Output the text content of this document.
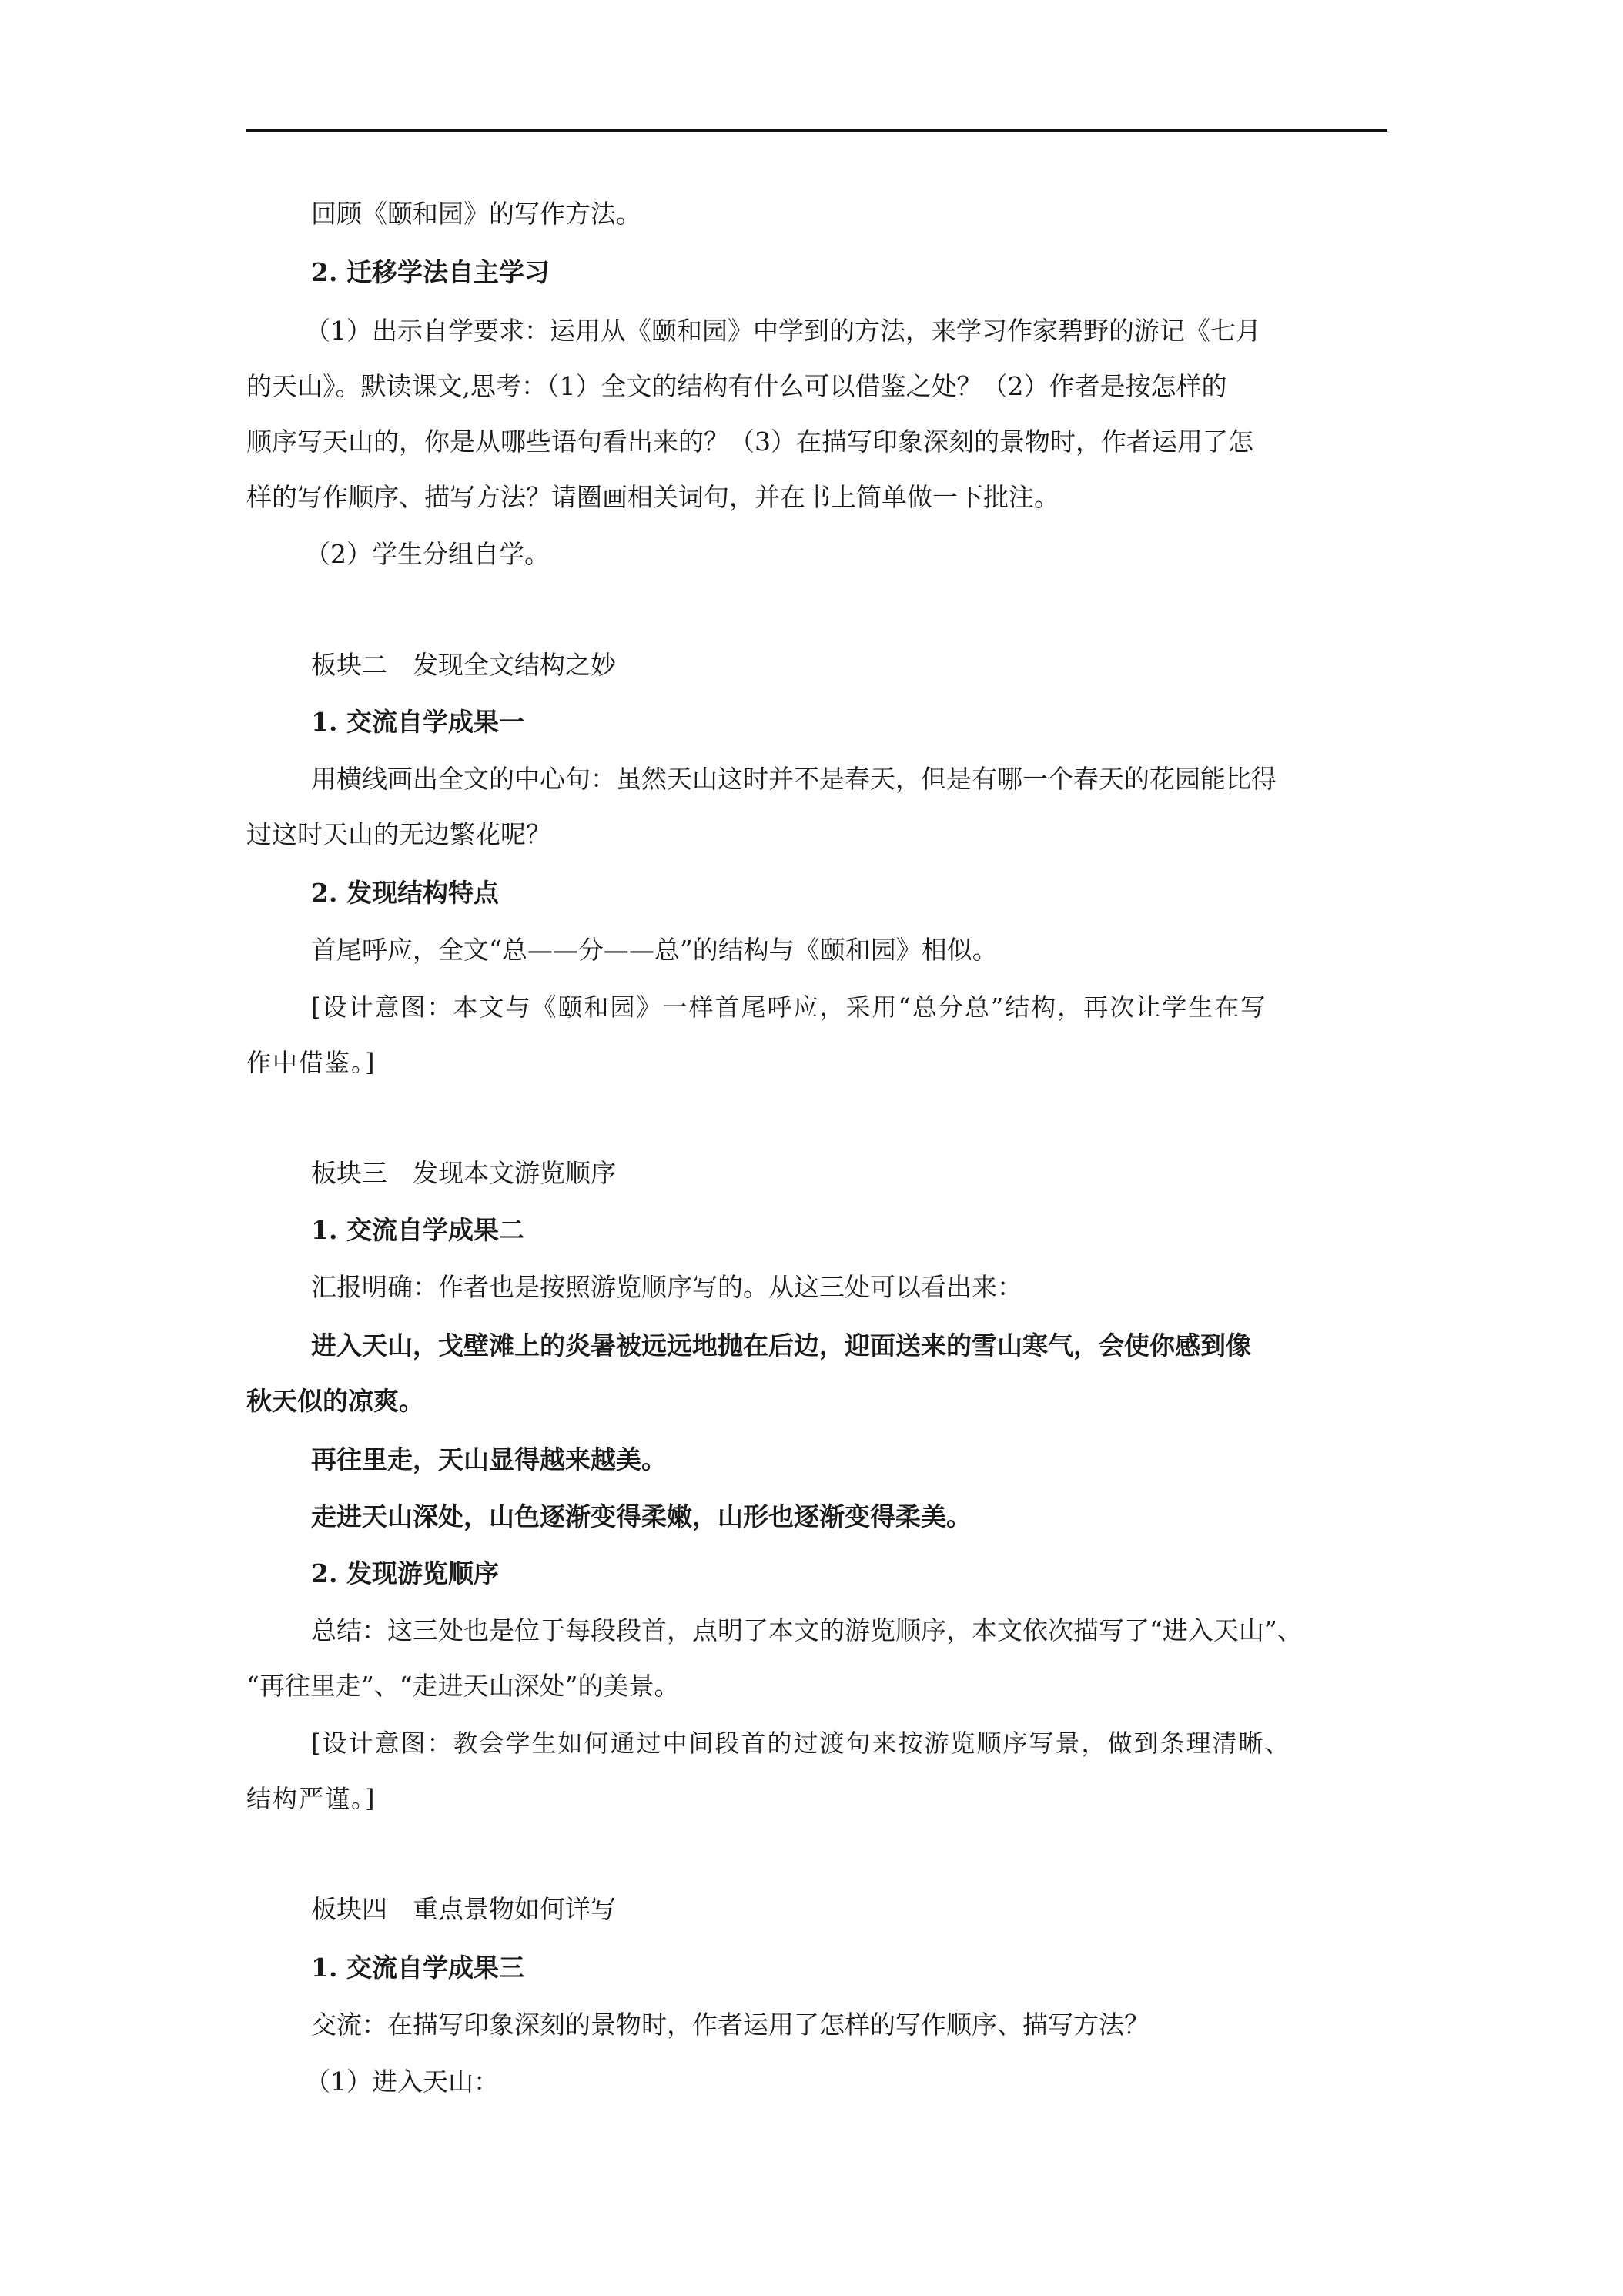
回顾《颐和园》的写作方法。
2. 迁移学法自主学习
（1）出示自学要求：运用从《颐和园》中学到的方法，来学习作家碧野的游记《七月
的天山》。默读课文,思考：（1）全文的结构有什么可以借鉴之处？（2）作者是按怎样的
顺序写天山的，你是从哪些语句看出来的？（3）在描写印象深刻的景物时，作者运用了怎
样的写作顺序、描写方法？请圈画相关词句，并在书上简单做一下批注。
（2）学生分组自学。
板块二　发现全文结构之妙
1. 交流自学成果一
用横线画出全文的中心句：虽然天山这时并不是春天，但是有哪一个春天的花园能比得
过这时天山的无边繁花呢？
2. 发现结构特点
首尾呼应，全文“总——分——总”的结构与《颐和园》相似。
[设计意图：本文与《颐和园》一样首尾呼应，采用“总分总”结构，再次让学生在写
作中借鉴。]
板块三　发现本文游览顺序
1. 交流自学成果二
汇报明确：作者也是按照游览顺序写的。从这三处可以看出来：
进入天山，戈壁滩上的炎暑被远远地抛在后边，迎面送来的雪山寒气，会使你感到像
秋天似的凉爽。
再往里走，天山显得越来越美。
走进天山深处，山色逐渐变得柔嫩，山形也逐渐变得柔美。
2. 发现游览顺序
总结：这三处也是位于每段段首，点明了本文的游览顺序，本文依次描写了“进入天山”、
“再往里走”、“走进天山深处”的美景。
[设计意图：教会学生如何通过中间段首的过渡句来按游览顺序写景，做到条理清晰、
结构严谨。]
板块四　重点景物如何详写
1. 交流自学成果三
交流：在描写印象深刻的景物时，作者运用了怎样的写作顺序、描写方法？
（1）进入天山：
